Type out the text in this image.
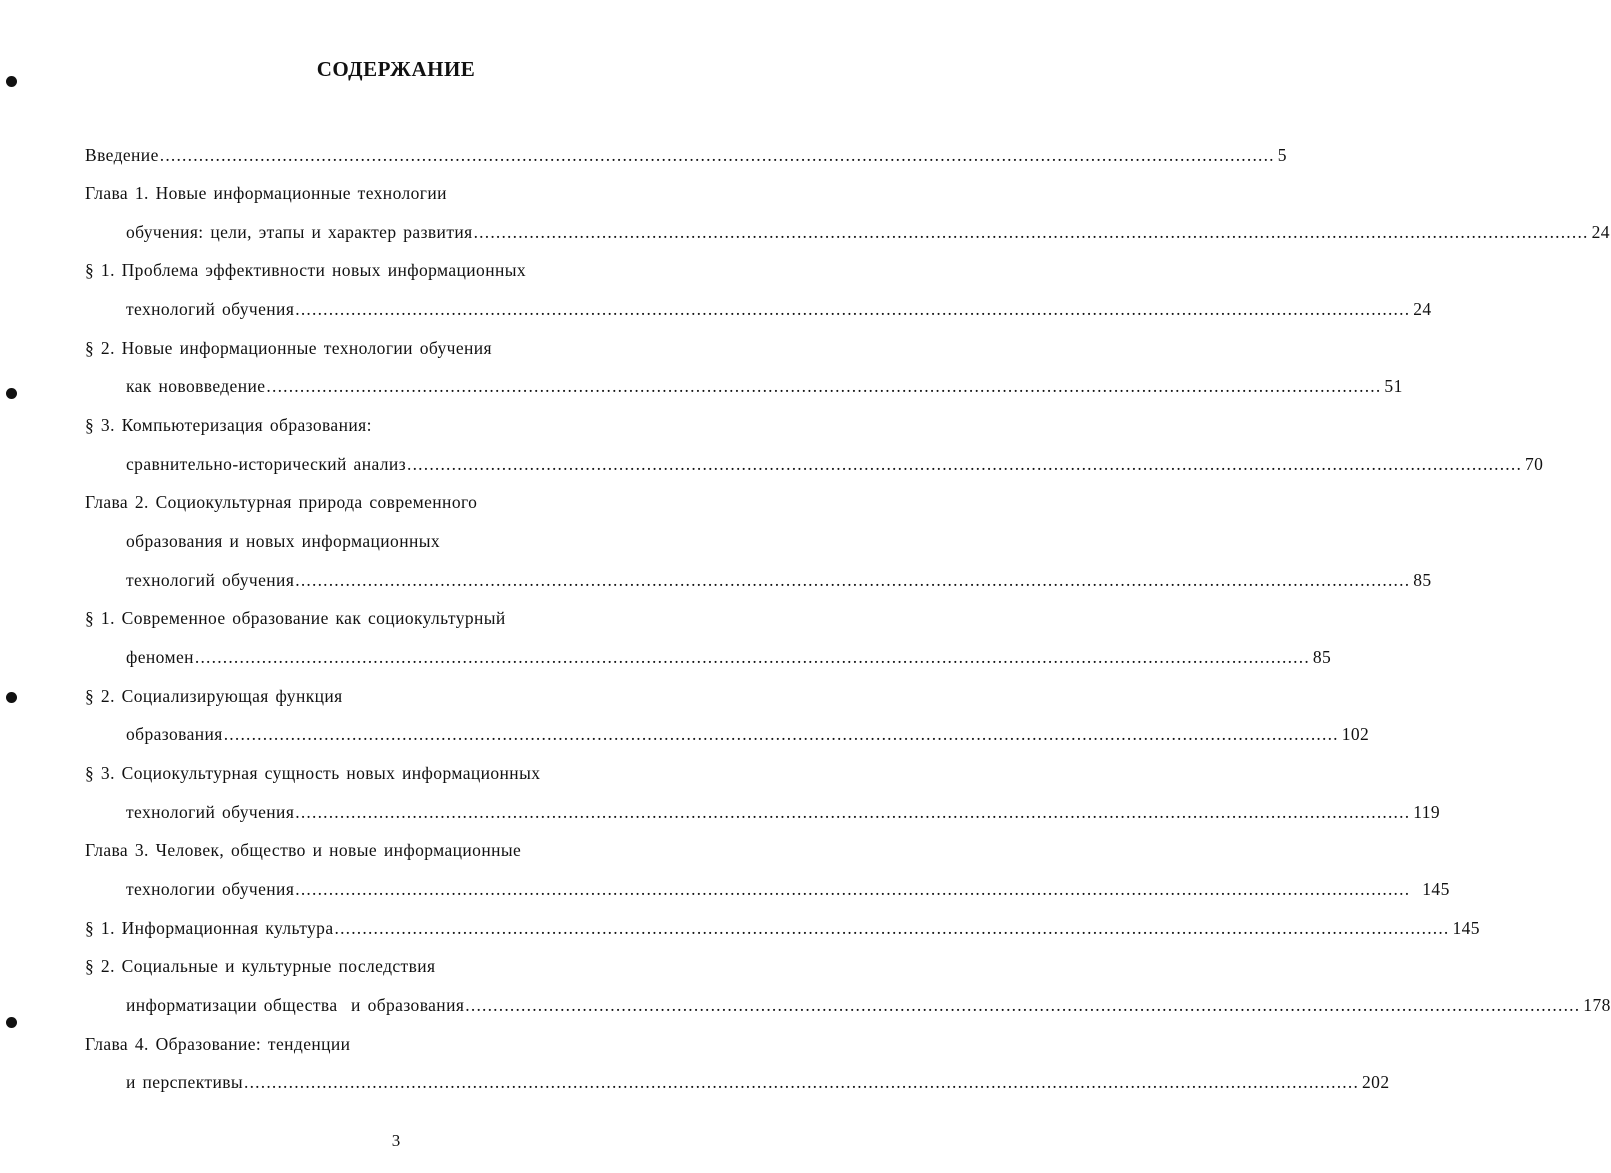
СОДЕРЖАНИЕ
Введение ........................................................................................................................................................................................................ 5
Глава 1. Новые информационные технологии
обучения: цели, этапы и характер развития ........................................................................................................................................................................................................ 24
§ 1. Проблема эффективности новых информационных
технологий обучения ........................................................................................................................................................................................................ 24
§ 2. Новые информационные технологии обучения
как нововведение ........................................................................................................................................................................................................ 51
§ 3. Компьютеризация образования:
сравнительно-исторический анализ ........................................................................................................................................................................................................ 70
Глава 2. Социокультурная природа современного
образования и новых информационных
технологий обучения ........................................................................................................................................................................................................ 85
§ 1. Современное образование как социокультурный
феномен ........................................................................................................................................................................................................ 85
§ 2. Социализирующая функция
образования ........................................................................................................................................................................................................ 102
§ 3. Социокультурная сущность новых информационных
технологий обучения ........................................................................................................................................................................................................ 119
Глава 3. Человек, общество и новые информационные
технологии обучения ........................................................................................................................................................................................................ 145
§ 1. Информационная культура ........................................................................................................................................................................................................ 145
§ 2. Социальные и культурные последствия
информатизации общества  и образования ........................................................................................................................................................................................................ 178
Глава 4. Образование: тенденции
и перспективы ........................................................................................................................................................................................................ 202
3
